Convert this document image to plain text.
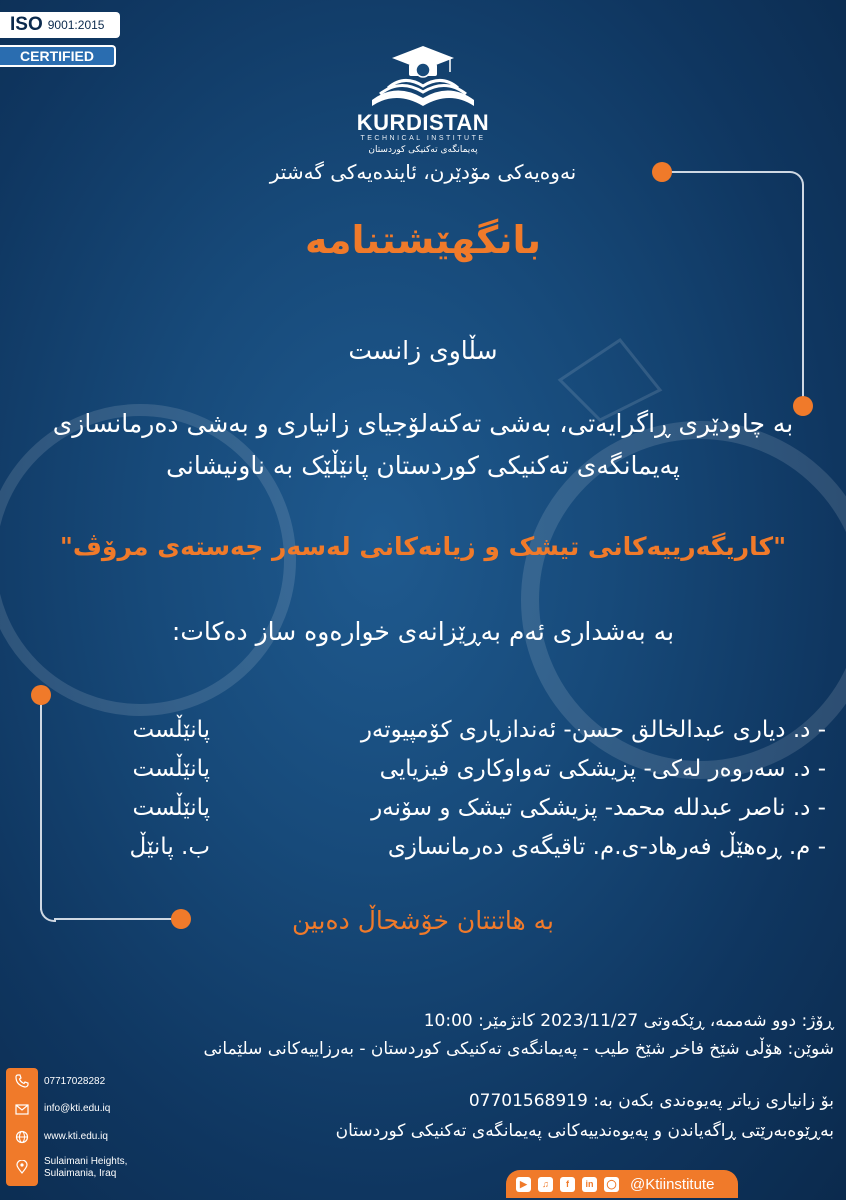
ISO 9001:2015
CERTIFIED
KURDISTAN
TECHNICAL INSTITUTE
پەیمانگەی تەکنیکی کوردستان
نەوەیەکی مۆدێرن، ئایندەیەکی گەشتر
بانگهێشتنامە
سڵاوی زانست
بە چاودێری ڕاگرایەتی، بەشی تەکنەلۆجیای زانیاری و بەشی دەرمانسازی پەیمانگەی تەکنیکی کوردستان پانێڵێک بە ناونیشانی
"کاریگەرییەکانی تیشک و زیانەکانی لەسەر جەستەی مرۆڤ"
بە بەشداری ئەم بەڕێزانەی خوارەوە ساز دەکات:
- د. دیاری عبدالخالق حسن- ئەندازیاری کۆمپیوتەر
پانێڵست
- د. سەروەر لەکی- پزیشکی تەواوکاری فیزیایی
پانێڵست
- د. ناصر عبدللە محمد- پزیشکی تیشک و سۆنەر
پانێڵست
- م. ڕەهێڵ فەرهاد-ی.م. تاقیگەی دەرمانسازی
ب. پانێڵ
بە هاتنتان خۆشحاڵ دەبین
ڕۆژ: دوو شەممە، ڕێکەوتی 2023/11/27 کاتژمێر: 10:00
شوێن: هۆڵی شێخ فاخر شێخ طیب - پەیمانگەی تەکنیکی کوردستان - بەرزاییەکانی سلێمانی
بۆ زانیاری زیاتر پەیوەندی بکەن بە: 07701568919
بەڕێوەبەرێتی ڕاگەیاندن و پەیوەندییەکانی پەیمانگەی تەکنیکی کوردستان
07717028282
info@kti.edu.iq
www.kti.edu.iq
Sulaimani Heights,
Sulaimania, Iraq
▶	♫	f	in	◯ @Ktiinstitute
